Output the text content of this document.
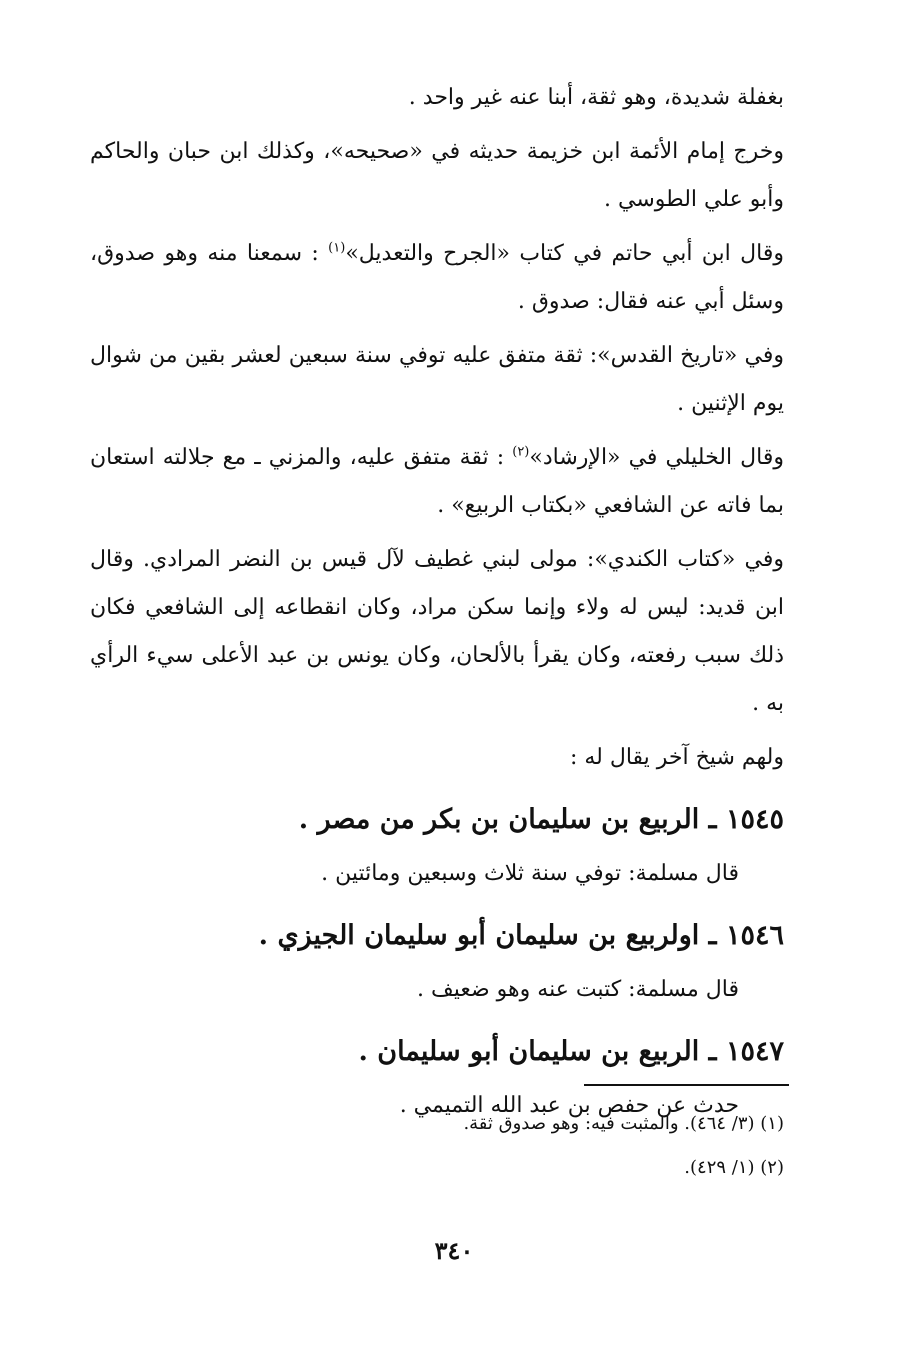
بغفلة شديدة، وهو ثقة، أبنا عنه غير واحد .

وخرج إمام الأئمة ابن خزيمة حديثه في «صحيحه»، وكذلك ابن حبان والحاكم وأبو علي الطوسي .

وقال ابن أبي حاتم في كتاب «الجرح والتعديل»$^{(١)}$ : سمعنا منه وهو صدوق، وسئل أبي عنه فقال: صدوق .

وفي «تاريخ القدس»: ثقة متفق عليه توفي سنة سبعين لعشر بقين من شوال يوم الإثنين .

وقال الخليلي في «الإرشاد»$^{(٢)}$ : ثقة متفق عليه، والمزني ـ مع جلالته استعان بما فاته عن الشافعي «بكتاب الربيع» .

وفي «كتاب الكندي»: مولى لبني غطيف لآل قيس بن النضر المرادي. وقال ابن قديد: ليس له ولاء وإنما سكن مراد، وكان انقطاعه إلى الشافعي فكان ذلك سبب رفعته، وكان يقرأ بالألحان، وكان يونس بن عبد الأعلى سيء الرأي به .

ولهم شيخ آخر يقال له :

١٥٤٥ ـ الربيع بن سليمان بن بكر من مصر .
قال مسلمة: توفي سنة ثلاث وسبعين ومائتين .
١٥٤٦ ـ اولربيع بن سليمان أبو سليمان الجيزي .
قال مسلمة: كتبت عنه وهو ضعيف .
١٥٤٧ ـ الربيع بن سليمان أبو سليمان .
حدث عن حفص بن عبد الله التميمي .

(١) (٣/ ٤٦٤). والمثبت فيه: وهو صدوق ثقة.

(٢) (١/ ٤٢٩).

٣٤٠
